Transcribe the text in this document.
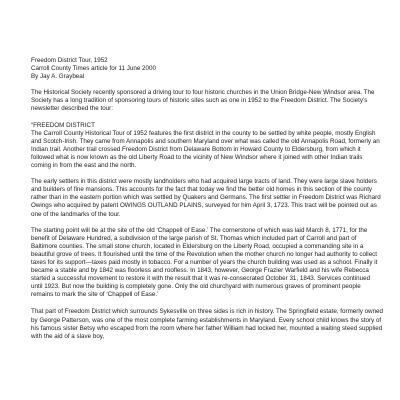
Freedom District Tour, 1952

Carroll County Times article for 11 June 2000

By Jay A. Graybeal

The Historical Society recently sponsored a driving tour to four historic churches in the Union Bridge-New Windsor area. The Society has a long tradition of sponsoring tours of historic sites such as one in 1952 to the Freedom District. The Society's newsletter described the tour:

“FREEDOM DISTRICT

The Carroll County Historical Tour of 1952 features the first district in the county to be settled by white people, mostly English and Scotch-Irish. They came from Annapolis and southern Maryland over what was called the old Annapolis Road, formerly an Indian trail. Another trail crossed Freedom District from Delaware Bottom in Howard County to Eldersburg, from which it followed what is now known as the old Liberty Road to the vicinity of New Windsor where it joined with other Indian trails coming in from the east and the north.

The early settlers in this district were mostly landholders who had acquired large tracts of land. They were large slave holders and builders of fine mansions. This accounts for the fact that today we find the better old homes in this section of the county rather than in the eastern portion which was settled by Quakers and Germans. The first settler in Freedom District was Richard Owings who acquired by patent OWINGS OUTLAND PLAINS, surveyed for him April 3, 1723. This tract will be pointed out as one of the landmarks of the tour.

The starting point will be at the site of the old ‘Chappell of Ease.’ The cornerstone of which was laid March 8, 1771, for the benefit of Delaware Hundred, a subdivision of the large parish of St. Thomas which included part of Carroll and part of Baltimore counties. The small stone church, located in Eldersburg on the Liberty Road, occupied a commanding site in a beautiful grove of trees. It flourished until the time of the Revolution when the mother church no longer had authority to collect taxes for its support—taxes paid mostly in tobacco. For a number of years the church building was used as a school. Finally it became a stable and by 1842 was floorless and roofless. In 1843, however, George Frazier Warfield and his wife Rebecca started a successful movement to restore it with the result that it was re-consecrated October 31, 1843. Services continued until 1923. But now the building is completely gone. Only the old churchyard with numerous graves of prominent people remains to mark the site of ‘Chappell of Ease.’

That part of Freedom District which surrounds Sykesville on three sides is rich in history. The Springfield estate, formerly owned by George Patterson, was one of the most complete farming establishments in Maryland. Every school child knows the story of his famous sister Betsy who escaped from the room where her father William had locked her, mounted a waiting steed supplied with the aid of a slave boy,
